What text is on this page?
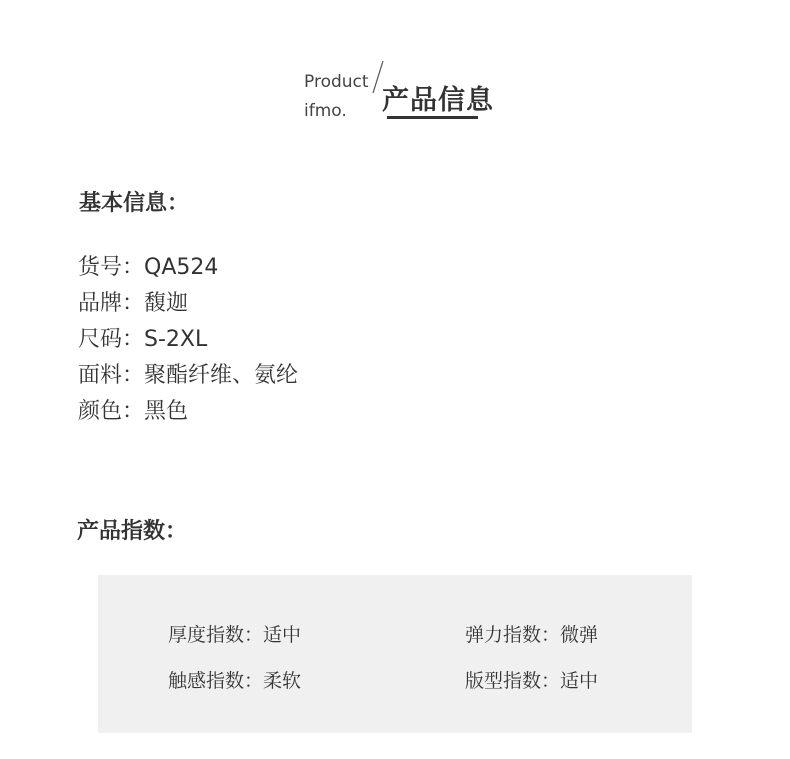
Product
ifmo.	产品信息
基本信息：
货号：QA524
品牌：馥迦
尺码：S-2XL
面料：聚酯纤维、氨纶
颜色：黑色
产品指数：
厚度指数：适中	弹力指数：微弹
触感指数：柔软	版型指数：适中
